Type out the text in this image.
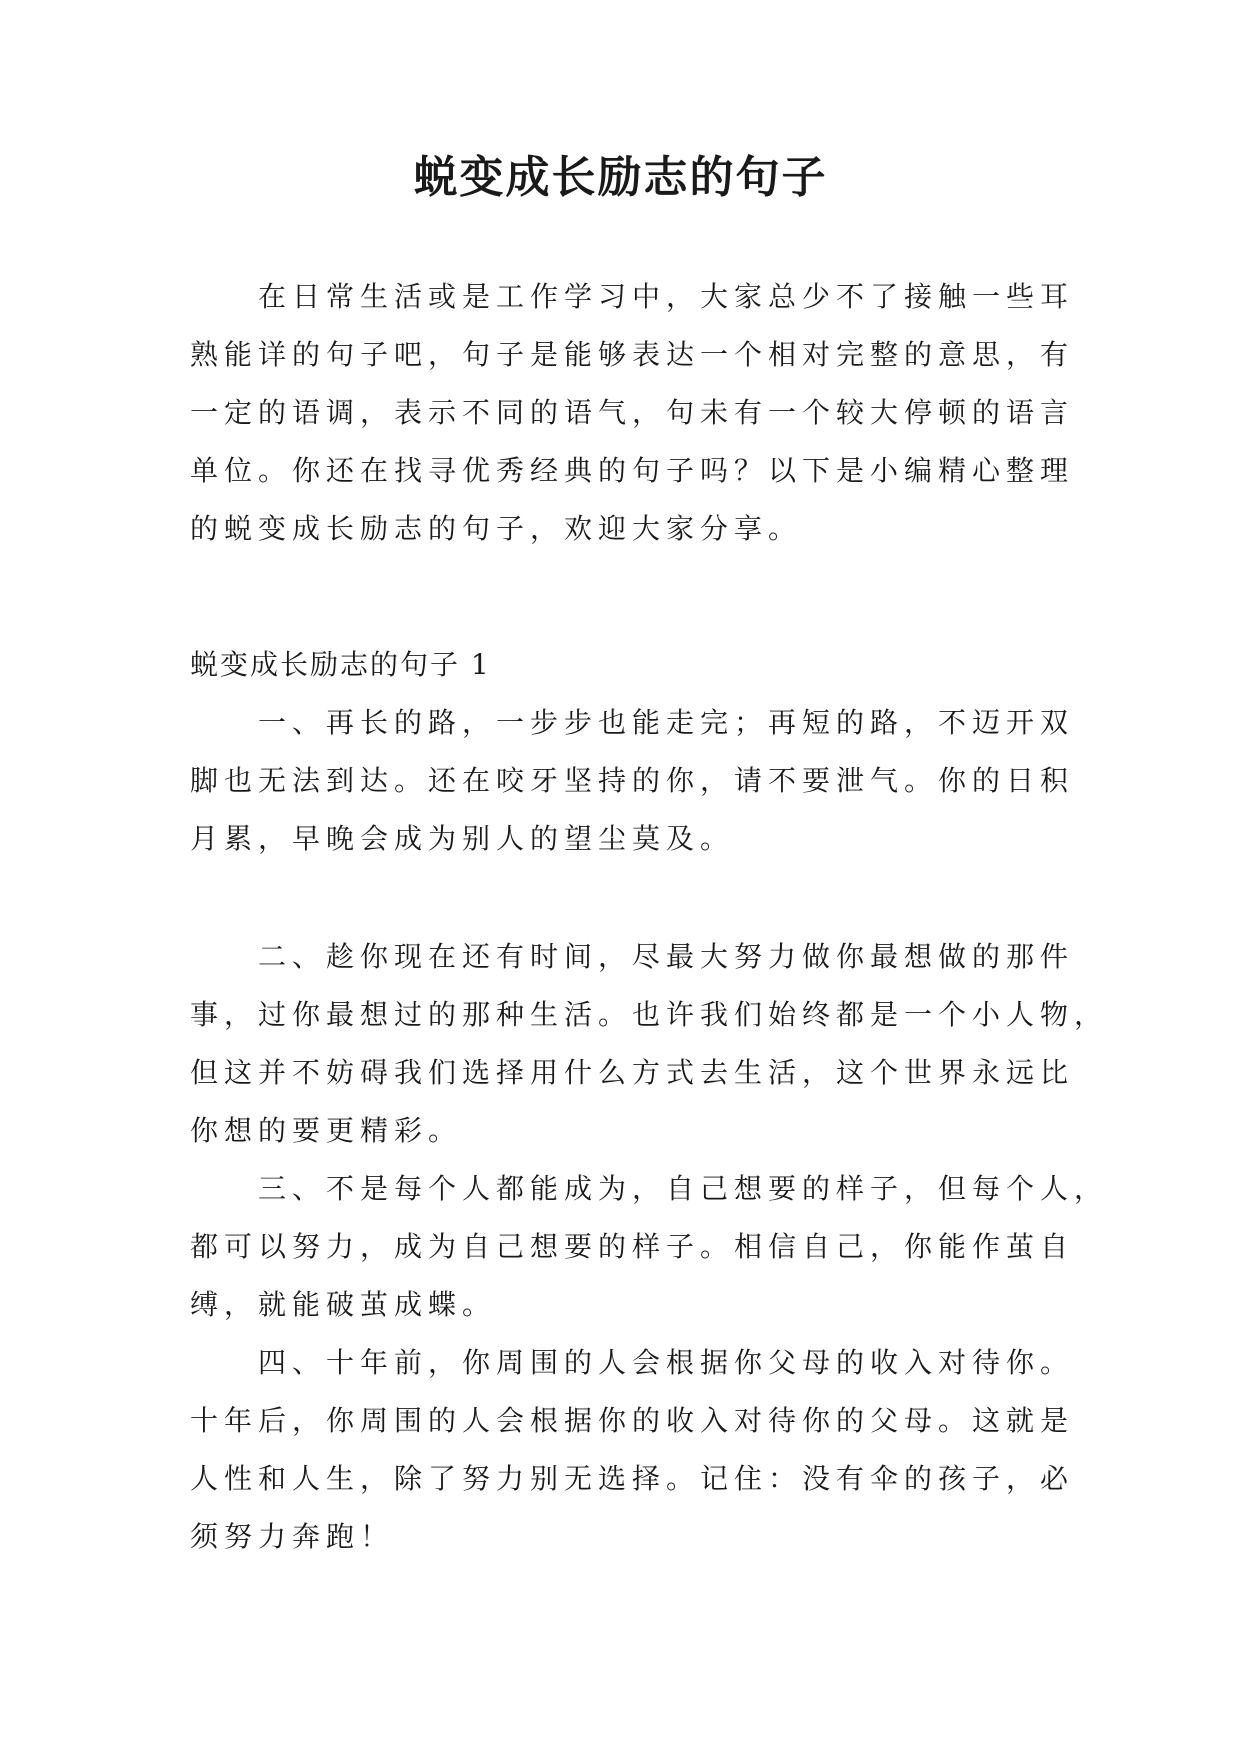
蜕变成长励志的句子
在日常生活或是工作学习中，大家总少不了接触一些耳
熟能详的句子吧，句子是能够表达一个相对完整的意思，有
一定的语调，表示不同的语气，句未有一个较大停顿的语言
单位。你还在找寻优秀经典的句子吗？以下是小编精心整理
的蜕变成长励志的句子，欢迎大家分享。
蜕变成长励志的句子 1
一、再长的路，一步步也能走完；再短的路，不迈开双
脚也无法到达。还在咬牙坚持的你，请不要泄气。你的日积
月累，早晚会成为别人的望尘莫及。
二、趁你现在还有时间，尽最大努力做你最想做的那件
事，过你最想过的那种生活。也许我们始终都是一个小人物，
但这并不妨碍我们选择用什么方式去生活，这个世界永远比
你想的要更精彩。
三、不是每个人都能成为，自己想要的样子，但每个人，
都可以努力，成为自己想要的样子。相信自己，你能作茧自
缚，就能破茧成蝶。
四、十年前，你周围的人会根据你父母的收入对待你。
十年后，你周围的人会根据你的收入对待你的父母。这就是
人性和人生，除了努力别无选择。记住：没有伞的孩子，必
须努力奔跑！
